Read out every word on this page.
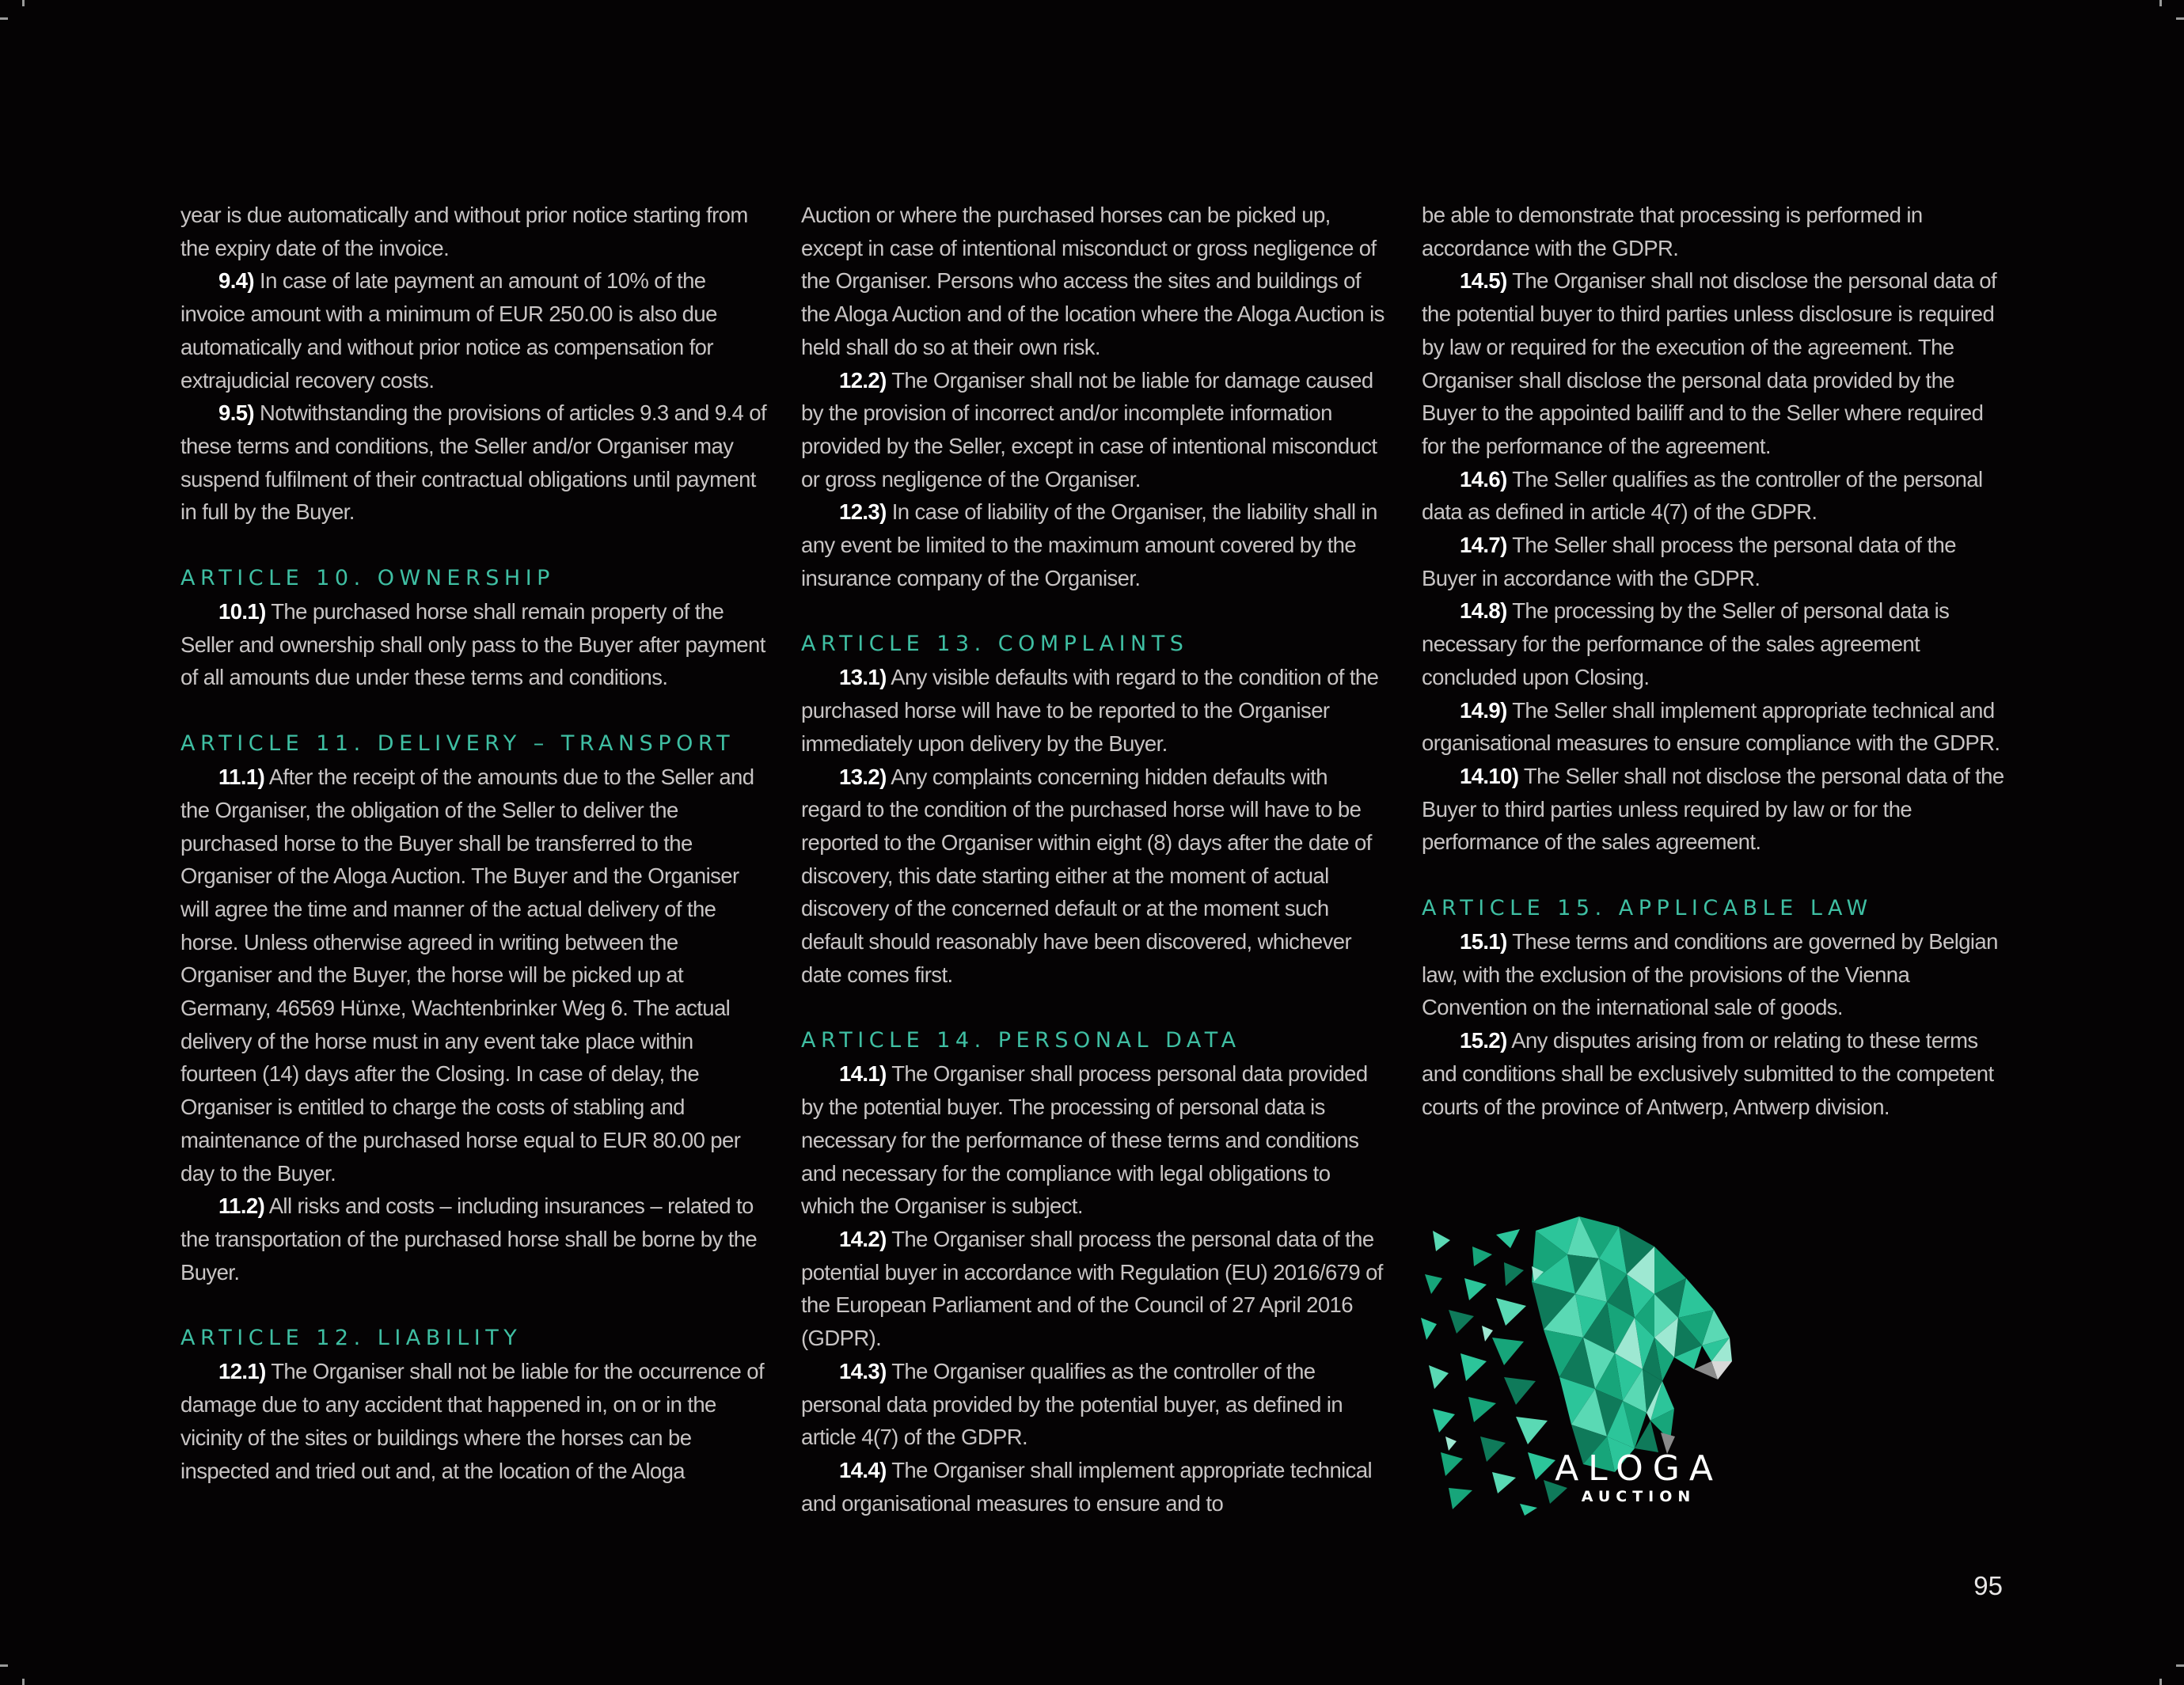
year is due automatically and without prior notice starting from the expiry date of the invoice.

9.4) In case of late payment an amount of 10% of the invoice amount with a minimum of EUR 250.00 is also due automatically and without prior notice as compensation for extrajudicial recovery costs.

9.5) Notwithstanding the provisions of articles 9.3 and 9.4 of these terms and conditions, the Seller and/or Organiser may suspend fulfilment of their contractual obligations until payment in full by the Buyer.

ARTICLE 10. OWNERSHIP

10.1) The purchased horse shall remain property of the Seller and ownership shall only pass to the Buyer after payment of all amounts due under these terms and conditions.

ARTICLE 11. DELIVERY – TRANSPORT

11.1) After the receipt of the amounts due to the Seller and the Organiser, the obligation of the Seller to deliver the purchased horse to the Buyer shall be transferred to the Organiser of the Aloga Auction. The Buyer and the Organiser will agree the time and manner of the actual delivery of the horse. Unless otherwise agreed in writing between the Organiser and the Buyer, the horse will be picked up at Germany, 46569 Hünxe, Wachtenbrinker Weg 6. The actual delivery of the horse must in any event take place within fourteen (14) days after the Closing. In case of delay, the Organiser is entitled to charge the costs of stabling and maintenance of the purchased horse equal to EUR 80.00 per day to the Buyer.

11.2) All risks and costs – including insurances – related to the transportation of the purchased horse shall be borne by the Buyer.

ARTICLE 12. LIABILITY

12.1) The Organiser shall not be liable for the occurrence of damage due to any accident that happened in, on or in the vicinity of the sites or buildings where the horses can be inspected and tried out and, at the location of the Aloga

Auction or where the purchased horses can be picked up, except in case of intentional misconduct or gross negligence of the Organiser. Persons who access the sites and buildings of the Aloga Auction and of the location where the Aloga Auction is held shall do so at their own risk.

12.2) The Organiser shall not be liable for damage caused by the provision of incorrect and/or incomplete information provided by the Seller, except in case of intentional misconduct or gross negligence of the Organiser.

12.3) In case of liability of the Organiser, the liability shall in any event be limited to the maximum amount covered by the insurance company of the Organiser.

ARTICLE 13. COMPLAINTS

13.1) Any visible defaults with regard to the condition of the purchased horse will have to be reported to the Organiser immediately upon delivery by the Buyer.

13.2) Any complaints concerning hidden defaults with regard to the condition of the purchased horse will have to be reported to the Organiser within eight (8) days after the date of discovery, this date starting either at the moment of actual discovery of the concerned default or at the moment such default should reasonably have been discovered, whichever date comes first.

ARTICLE 14. PERSONAL DATA

14.1) The Organiser shall process personal data provided by the potential buyer. The processing of personal data is necessary for the performance of these terms and conditions and necessary for the compliance with legal obligations to which the Organiser is subject.

14.2) The Organiser shall process the personal data of the potential buyer in accordance with Regulation (EU) 2016/679 of the European Parliament and of the Council of 27 April 2016 (GDPR).

14.3) The Organiser qualifies as the controller of the personal data provided by the potential buyer, as defined in article 4(7) of the GDPR.

14.4) The Organiser shall implement appropriate technical and organisational measures to ensure and to

be able to demonstrate that processing is performed in accordance with the GDPR.

14.5) The Organiser shall not disclose the personal data of the potential buyer to third parties unless disclosure is required by law or required for the execution of the agreement. The Organiser shall disclose the personal data provided by the Buyer to the appointed bailiff and to the Seller where required for the performance of the agreement.

14.6) The Seller qualifies as the controller of the personal data as defined in article 4(7) of the GDPR.

14.7) The Seller shall process the personal data of the Buyer in accordance with the GDPR.

14.8) The processing by the Seller of personal data is necessary for the performance of the sales agreement concluded upon Closing.

14.9) The Seller shall implement appropriate technical and organisational measures to ensure compliance with the GDPR.

14.10) The Seller shall not disclose the personal data of the Buyer to third parties unless required by law or for the performance of the sales agreement.

ARTICLE 15. APPLICABLE LAW

15.1) These terms and conditions are governed by Belgian law, with the exclusion of the provisions of the Vienna Convention on the international sale of goods.

15.2) Any disputes arising from or relating to these terms and conditions shall be exclusively submitted to the competent courts of the province of Antwerp, Antwerp division.

ALOGA
AUCTION
95
